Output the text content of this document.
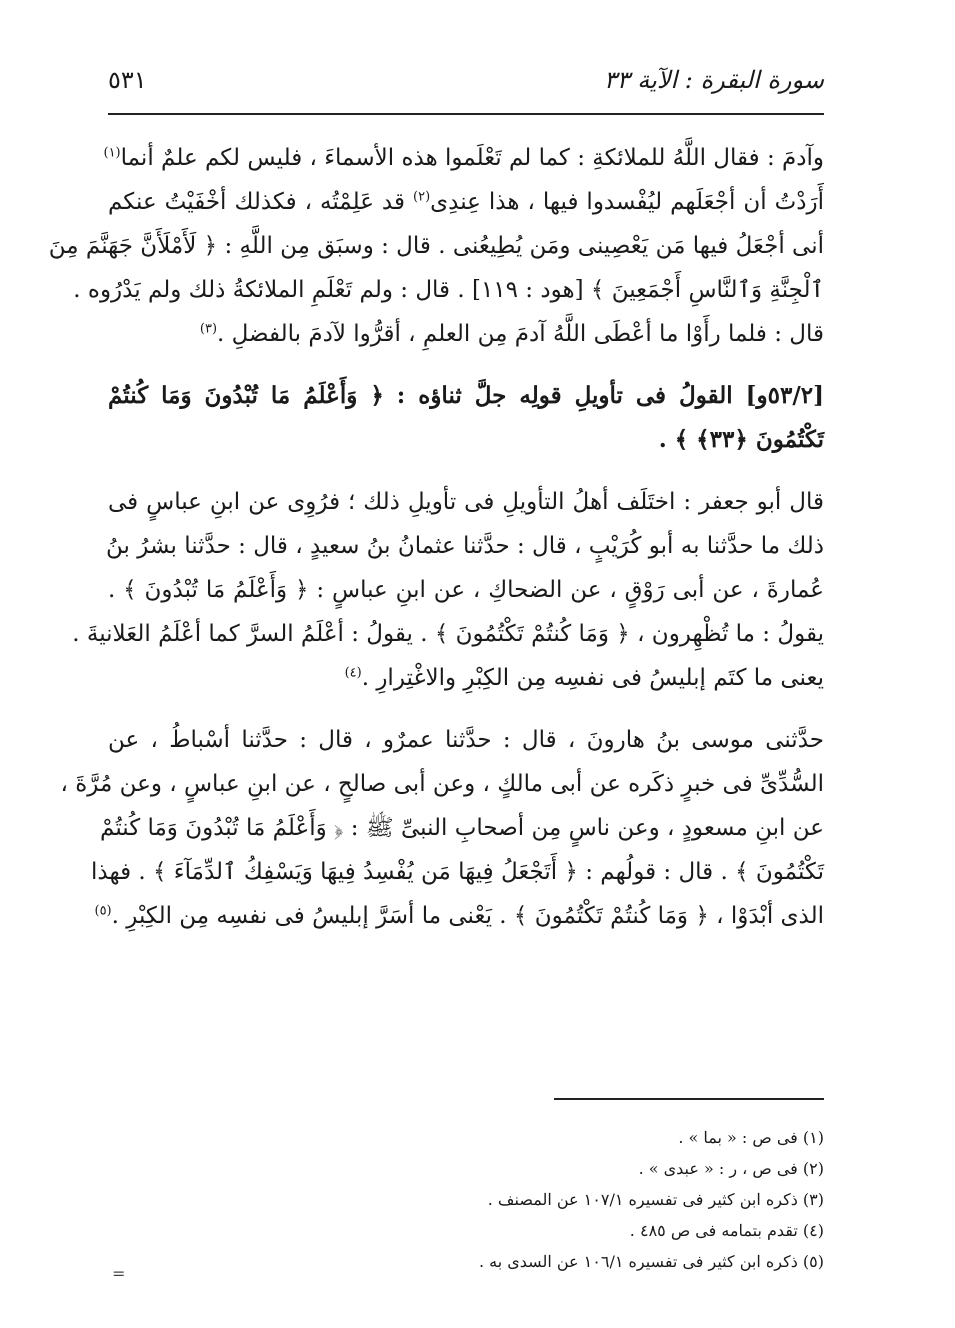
سورة البقرة : الآية ٣٣
٥٣١
وآدمَ : فقال اللَّهُ للملائكةِ : كما لم تَعْلَموا هذه الأسماءَ ، فليس لكم علمٌ أنما$^{(١)}$
أَرَدْتُ أن أجْعَلَهم ليُفْسدوا فيها ، هذا عِندِى$^{(٢)}$ قد عَلِمْتُه ، فكذلك أخْفَيْتُ عنكم
أنى أجْعَلُ فيها مَن يَعْصِينى ومَن يُطِيعُنى . قال : وسبَق مِن اللَّهِ : ﴿ لَأَمْلَأَنَّ جَهَنَّمَ مِنَ
ٱلْجِنَّةِ وَٱلنَّاسِ أَجْمَعِينَ ﴾ [هود : ١١٩] . قال : ولم تَعْلَمِ الملائكةُ ذلك ولم يَدْرُوه .
قال : فلما رأَوْا ما أعْطَى اللَّهُ آدمَ مِن العلمِ ، أقرُّوا لآدمَ بالفضلِ .$^{(٣)}$
[٥٣/٢و] القولُ فى تأويلِ قولِه جلَّ ثناؤه : ﴿ وَأَعْلَمُ مَا تُبْدُونَ وَمَا كُنتُمْ
تَكْتُمُونَ ﴿٣٣﴾ ﴾ .
قال أبو جعفر : اختَلَف أهلُ التأويلِ فى تأويلِ ذلك ؛ فرُوِى عن ابنِ عباسٍ فى
ذلك ما حدَّثنا به أبو كُرَيْبٍ ، قال : حدَّثنا عثمانُ بنُ سعيدٍ ، قال : حدَّثنا بشرُ بنُ
عُمارةَ ، عن أبى رَوْقٍ ، عن الضحاكِ ، عن ابنِ عباسٍ : ﴿ وَأَعْلَمُ مَا تُبْدُونَ ﴾ .
يقولُ : ما تُظْهِرون ، ﴿ وَمَا كُنتُمْ تَكْتُمُونَ ﴾ . يقولُ : أعْلَمُ السرَّ كما أعْلَمُ العَلانيةَ .
يعنى ما كتَم إبليسُ فى نفسِه مِن الكِبْرِ والاغْتِرارِ .$^{(٤)}$
حدَّثنى موسى بنُ هارونَ ، قال : حدَّثنا عمرٌو ، قال : حدَّثنا أسْباطُ ، عن
السُّدِّىِّ فى خبرٍ ذكَره عن أبى مالكٍ ، وعن أبى صالحٍ ، عن ابنِ عباسٍ ، وعن مُرَّةَ ،
عن ابنِ مسعودٍ ، وعن ناسٍ مِن أصحابِ النبىِّ ﷺ : ﴿ وَأَعْلَمُ مَا تُبْدُونَ وَمَا كُنتُمْ
تَكْتُمُونَ ﴾ . قال : قولُهم : ﴿ أَتَجْعَلُ فِيهَا مَن يُفْسِدُ فِيهَا وَيَسْفِكُ ٱلدِّمَآءَ ﴾ . فهذا
الذى أبْدَوْا ، ﴿ وَمَا كُنتُمْ تَكْتُمُونَ ﴾ . يَعْنى ما أسَرَّ إبليسُ فى نفسِه مِن الكِبْرِ .$^{(٥)}$
(١) فى ص : « بما » .
(٢) فى ص ، ر : « عبدى » .
(٣) ذكره ابن كثير فى تفسيره ١٠٧/١ عن المصنف .
(٤) تقدم بتمامه فى ص ٤٨٥ .
(٥) ذكره ابن كثير فى تفسيره ١٠٦/١ عن السدى به .
=
